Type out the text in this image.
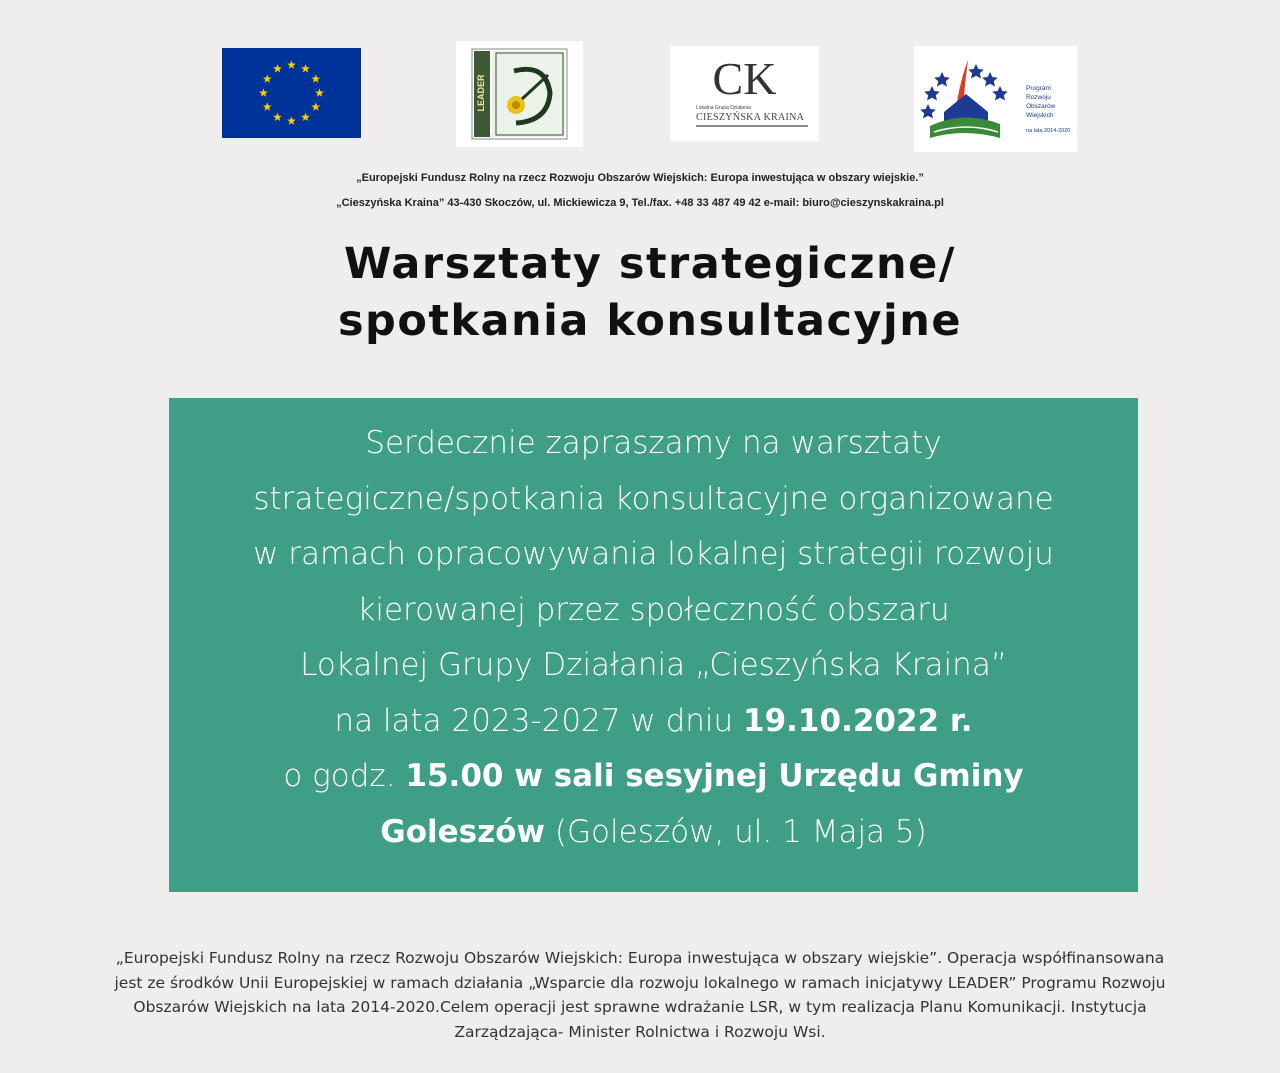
LEADER	CK
Lokalna Grupa Działania
CIESZYŃSKA KRAINA
Program
Rozwoju
Obszarów
Wiejskich
na lata 2014-2020
„Europejski Fundusz Rolny na rzecz Rozwoju Obszarów Wiejskich: Europa inwestująca w obszary wiejskie.”
„Cieszyńska Kraina” 43-430 Skoczów, ul. Mickiewicza 9, Tel./fax. +48 33 487 49 42 e-mail: biuro@cieszynskakraina.pl
Warsztaty strategiczne/
spotkania konsultacyjne
Serdecznie zapraszamy na warsztaty
strategiczne/spotkania konsultacyjne organizowane
w ramach opracowywania lokalnej strategii rozwoju
kierowanej przez społeczność obszaru
Lokalnej Grupy Działania „Cieszyńska Kraina”
na lata 2023-2027 w dniu 19.10.2022 r.
o godz. 15.00 w sali sesyjnej Urzędu Gminy
Goleszów (Goleszów, ul. 1 Maja 5)
„Europejski Fundusz Rolny na rzecz Rozwoju Obszarów Wiejskich: Europa inwestująca w obszary wiejskie”. Operacja współfinansowana
jest ze środków Unii Europejskiej w ramach działania „Wsparcie dla rozwoju lokalnego w ramach inicjatywy LEADER” Programu Rozwoju
Obszarów Wiejskich na lata 2014-2020.Celem operacji jest sprawne wdrażanie LSR, w tym realizacja Planu Komunikacji. Instytucja
Zarządzająca- Minister Rolnictwa i Rozwoju Wsi.
